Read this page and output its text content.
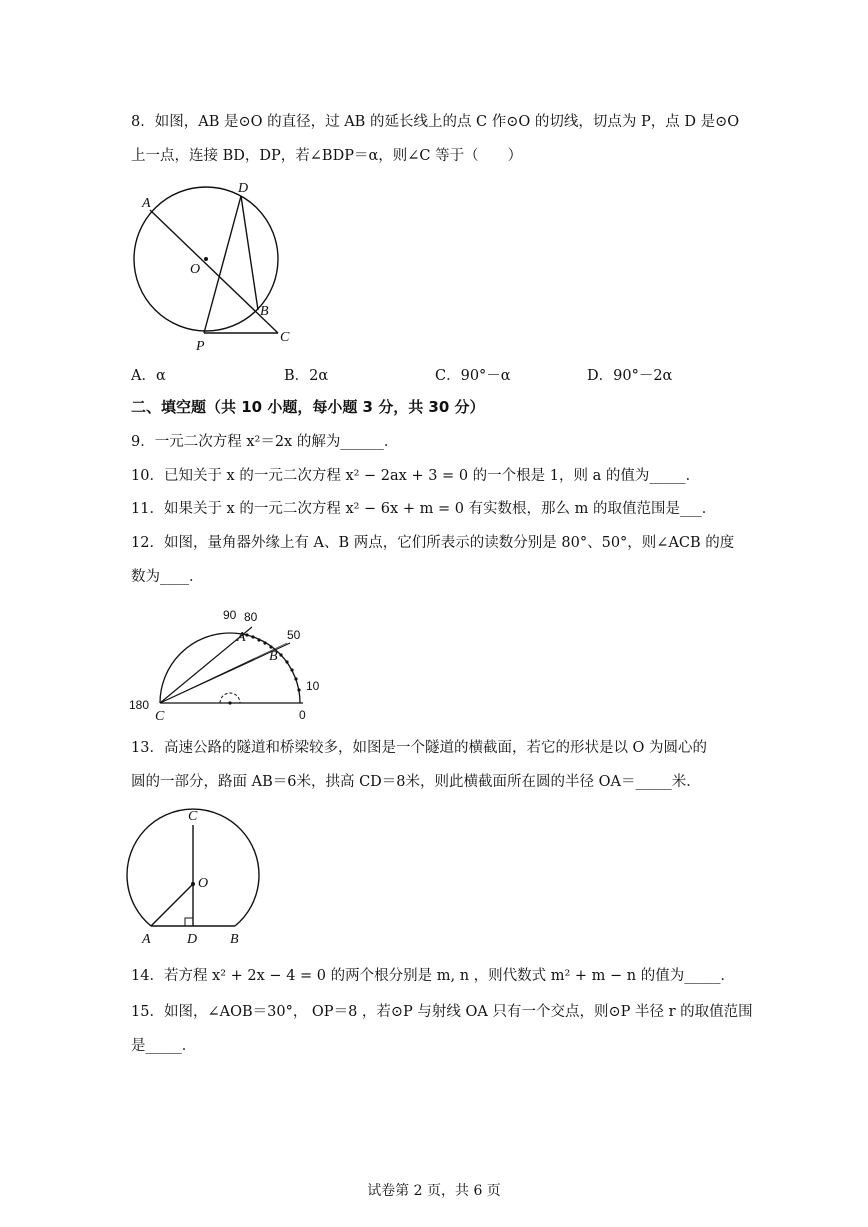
8．如图，AB 是⊙O 的直径，过 AB 的延长线上的点 C 作⊙O 的切线，切点为 P，点 D 是⊙O
上一点，连接 BD，DP，若∠BDP＝α，则∠C 等于（　　）
A
D
O
B
P
C
A．α	B．2α	C．90°－α	D．90°－2α
二、填空题（共 10 小题，每小题 3 分，共 30 分）
9．一元二次方程 x²＝2x 的解为______．
10．已知关于 x 的一元二次方程 x² − 2ax + 3 = 0 的一个根是 1，则 a 的值为_____．
11．如果关于 x 的一元二次方程 x² − 6x + m = 0 有实数根，那么 m 的取值范围是___．
12．如图，量角器外缘上有 A、B 两点，它们所表示的读数分别是 80°、50°，则∠ACB 的度
数为____．
90 80
50
10
180
0
A
B
C
13．高速公路的隧道和桥梁较多，如图是一个隧道的横截面，若它的形状是以 O 为圆心的
圆的一部分，路面 AB＝6米，拱高 CD＝8米，则此横截面所在圆的半径 OA＝_____米．
C
O
A	D B
14．若方程 x² + 2x − 4 = 0 的两个根分别是 m, n ，则代数式 m² + m − n 的值为_____．
15．如图，∠AOB＝30°， OP＝8 ，若⊙P 与射线 OA 只有一个交点，则⊙P 半径 r 的取值范围
是_____．
试卷第 2 页，共 6 页
